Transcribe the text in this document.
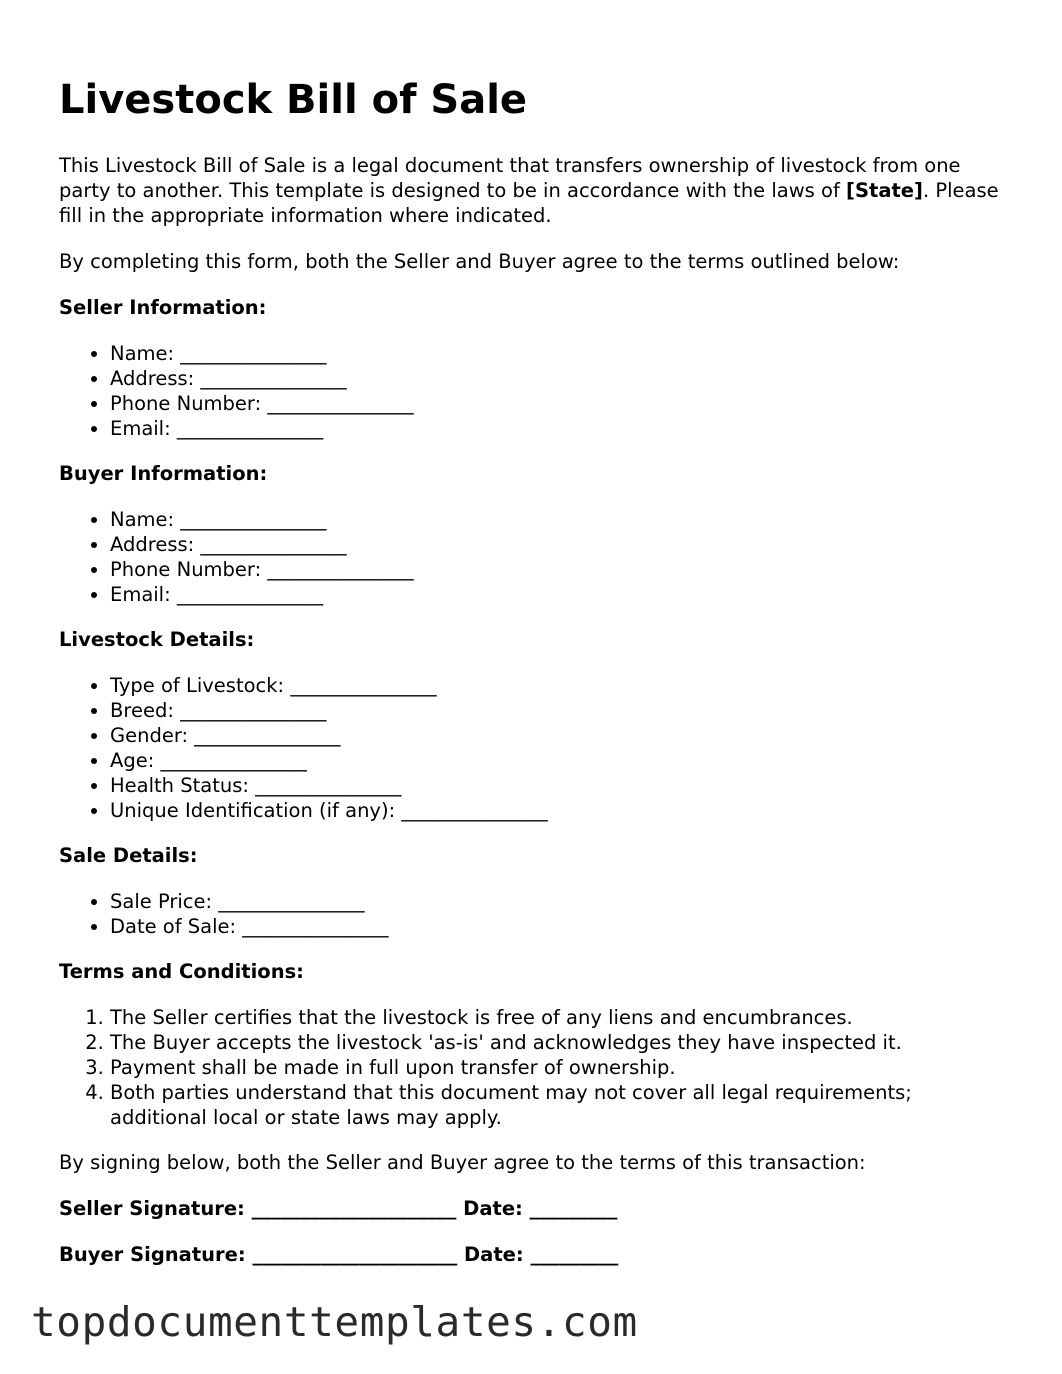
Livestock Bill of Sale

This Livestock Bill of Sale is a legal document that transfers ownership of livestock from one party to another. This template is designed to be in accordance with the laws of [State]. Please fill in the appropriate information where indicated.

By completing this form, both the Seller and Buyer agree to the terms outlined below:

Seller Information:
• Name: _______________
• Address: _______________
• Phone Number: _______________
• Email: _______________
Buyer Information:
• Name: _______________
• Address: _______________
• Phone Number: _______________
• Email: _______________
Livestock Details:
• Type of Livestock: _______________
• Breed: _______________
• Gender: _______________
• Age: _______________
• Health Status: _______________
• Unique Identification (if any): _______________
Sale Details:
• Sale Price: _______________
• Date of Sale: _______________
Terms and Conditions:
1. The Seller certifies that the livestock is free of any liens and encumbrances.
2. The Buyer accepts the livestock 'as-is' and acknowledges they have inspected it.
3. Payment shall be made in full upon transfer of ownership.
4. Both parties understand that this document may not cover all legal requirements; additional local or state laws may apply.

By signing below, both the Seller and Buyer agree to the terms of this transaction:

Seller Signature: _____________________ Date: _________
Buyer Signature: _____________________ Date: _________
topdocumenttemplates.com
